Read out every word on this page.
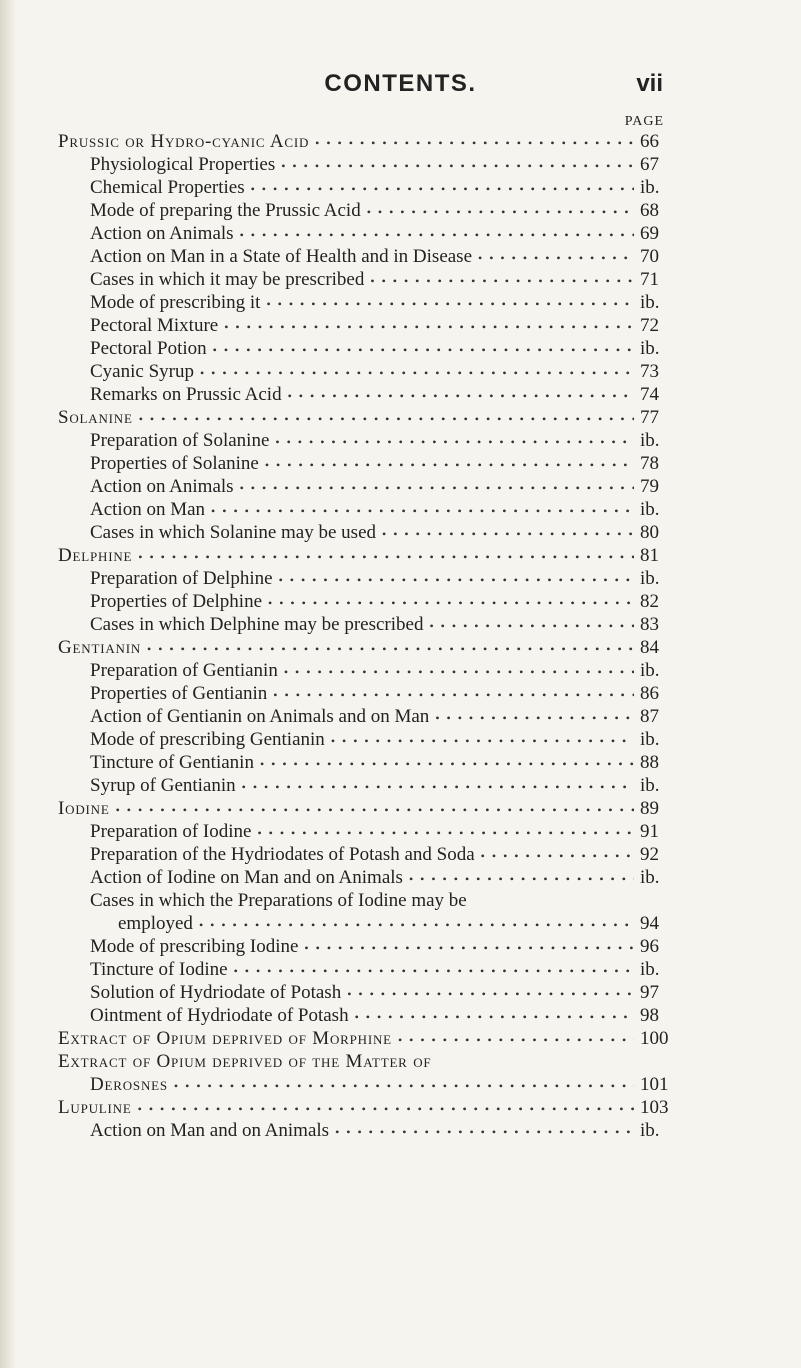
CONTENTS.	vii
PAGE
Prussic or Hydro-cyanic Acid • • •	66
Physiological Properties • • •	67
Chemical Properties • • •	ib.
Mode of preparing the Prussic Acid • • •	68
Action on Animals • • •	69
Action on Man in a State of Health and in Disease • • •	70
Cases in which it may be prescribed • • •	71
Mode of prescribing it • • •	ib.
Pectoral Mixture • • •	72
Pectoral Potion • • •	ib.
Cyanic Syrup • • •	73
Remarks on Prussic Acid • • •	74
Solanine • • •	77
Preparation of Solanine • • •	ib.
Properties of Solanine • • •	78
Action on Animals • • •	79
Action on Man • • •	ib.
Cases in which Solanine may be used • • •	80
Delphine • • •	81
Preparation of Delphine • • •	ib.
Properties of Delphine • • •	82
Cases in which Delphine may be prescribed • • •	83
Gentianin • • •	84
Preparation of Gentianin • • •	ib.
Properties of Gentianin • • •	86
Action of Gentianin on Animals and on Man • • •	87
Mode of prescribing Gentianin • • •	ib.
Tincture of Gentianin • • •	88
Syrup of Gentianin • • •	ib.
Iodine • • •	89
Preparation of Iodine • • •	91
Preparation of the Hydriodates of Potash and Soda • • •	92
Action of Iodine on Man and on Animals • • •	ib.
Cases in which the Preparations of Iodine may be
employed • • •	94
Mode of prescribing Iodine • • •	96
Tincture of Iodine • • •	ib.
Solution of Hydriodate of Potash • • •	97
Ointment of Hydriodate of Potash • • •	98
Extract of Opium deprived of Morphine • • •	100
Extract of Opium deprived of the Matter of
Derosnes • • •	101
Lupuline • • •	103
Action on Man and on Animals • • •	ib.
